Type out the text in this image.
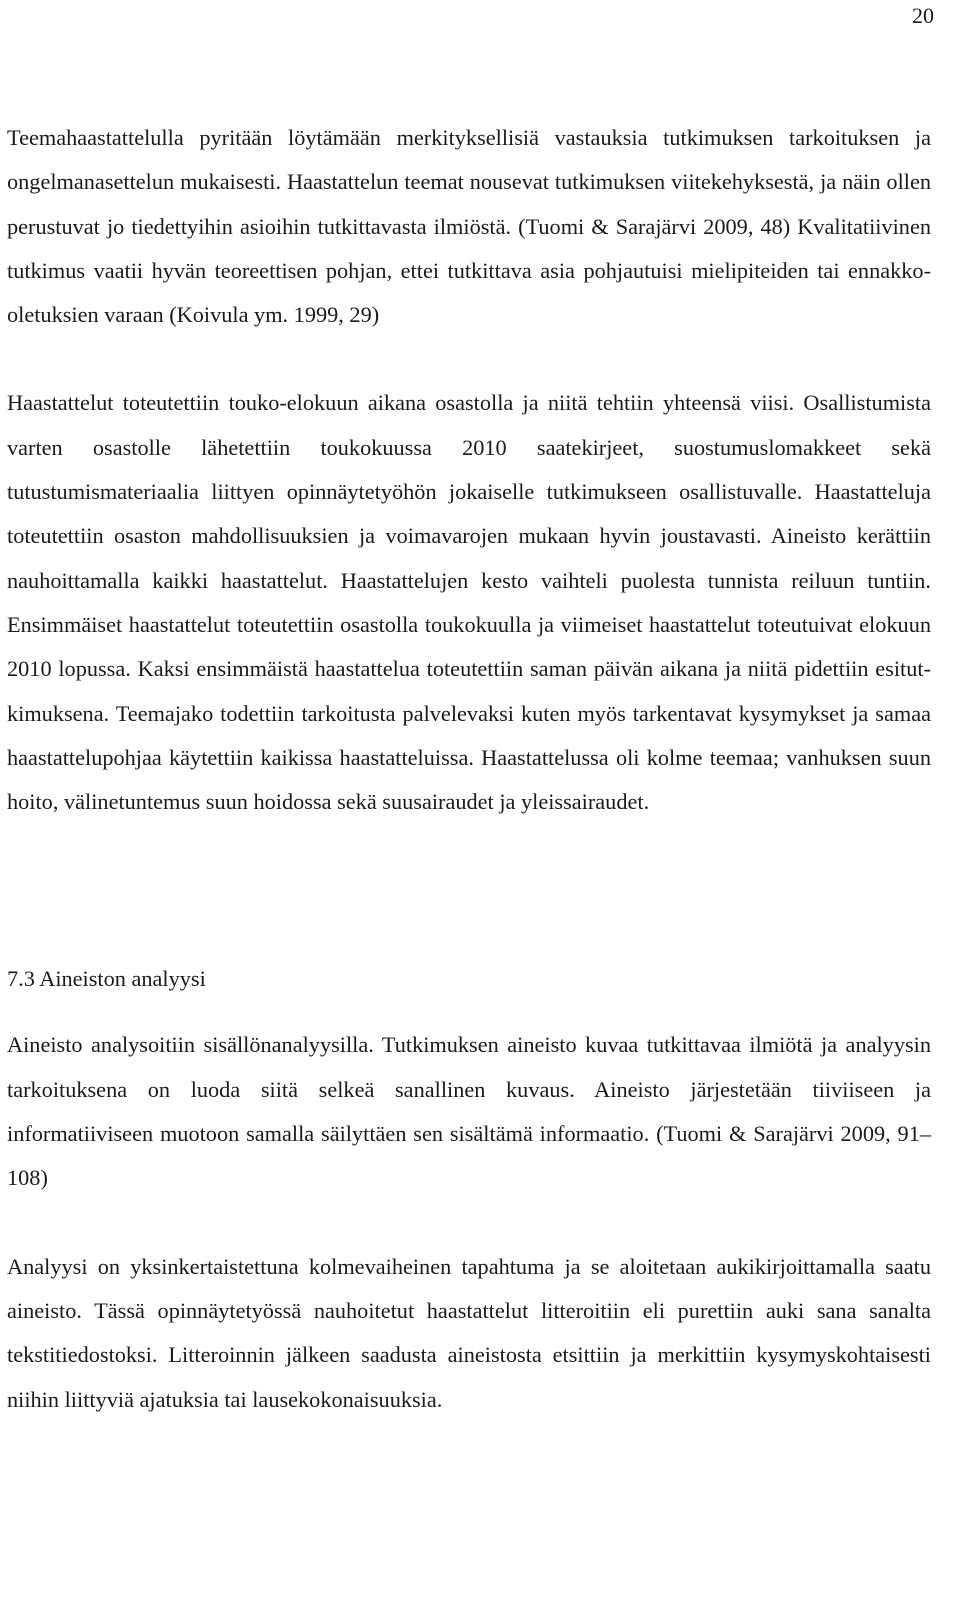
20

Teemahaastattelulla pyritään löytämään merkityksellisiä vastauksia tutkimuksen tarkoituksen ja ongelmanasettelun mukaisesti. Haastattelun teemat nousevat tutkimuksen viitekehyksestä, ja näin ollen perustuvat jo tiedettyihin asioihin tutkittavasta ilmiöstä. (Tuomi & Sarajärvi 2009, 48) Kvalitatiivinen tutkimus vaatii hyvän teoreettisen pohjan, ettei tutkittava asia pohjautuisi mielipiteiden tai ennakko-oletuksien varaan (Koivula ym. 1999, 29)

Haastattelut toteutettiin touko-elokuun aikana osastolla ja niitä tehtiin yhteensä viisi. Osallistumista varten osastolle lähetettiin toukokuussa 2010 saatekirjeet, suostumuslomakkeet sekä tutustumismateriaalia liittyen opinnäytetyöhön jokaiselle tutkimukseen osallistuvalle. Haastatteluja toteutettiin osaston mahdollisuuksien ja voimavarojen mukaan hyvin joustavasti. Aineisto kerättiin nauhoittamalla kaikki haastattelut. Haastattelujen kesto vaihteli puolesta tunnista reiluun tuntiin. Ensimmäiset haastattelut toteutettiin osastolla toukokuulla ja viimeiset haastattelut toteutuivat elokuun 2010 lopussa. Kaksi ensimmäistä haastattelua toteutettiin saman päivän aikana ja niitä pidettiin esitutkimuksena. Teemajako todettiin tarkoitusta palvelevaksi kuten myös tarkentavat kysymykset ja samaa haastattelupohjaa käytettiin kaikissa haastatteluissa. Haastattelussa oli kolme teemaa; vanhuksen suun hoito, välinetuntemus suun hoidossa sekä suusairaudet ja yleissairaudet.

7.3 Aineiston analyysi

Aineisto analysoitiin sisällönanalyysilla. Tutkimuksen aineisto kuvaa tutkittavaa ilmiötä ja analyysin tarkoituksena on luoda siitä selkeä sanallinen kuvaus. Aineisto järjestetään tiiviiseen ja informatiiviseen muotoon samalla säilyttäen sen sisältämä informaatio. (Tuomi & Sarajärvi 2009, 91–108)

Analyysi on yksinkertaistettuna kolmevaiheinen tapahtuma ja se aloitetaan aukikirjoittamalla saatu aineisto. Tässä opinnäytetyössä nauhoitetut haastattelut litteroitiin eli purettiin auki sana sanalta tekstitiedostoksi. Litteroinnin jälkeen saadusta aineistosta etsittiin ja merkittiin kysymyskohtaisesti niihin liittyviä ajatuksia tai lausekokonaisuuksia.
